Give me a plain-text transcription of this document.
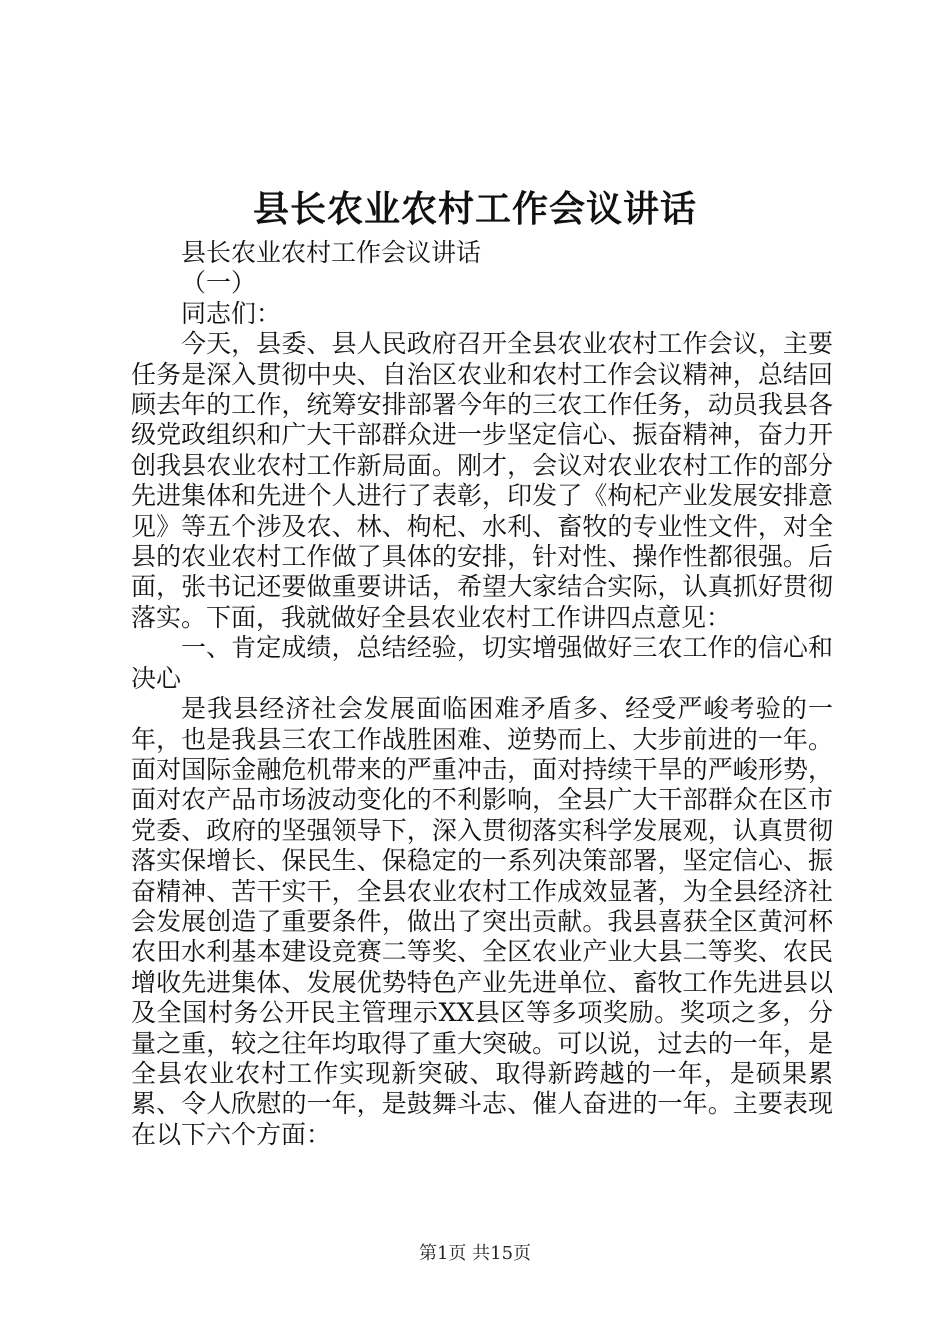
县长农业农村工作会议讲话

县长农业农村工作会议讲话

（一）

同志们：

今天，县委、县人民政府召开全县农业农村工作会议，主要任务是深入贯彻中央、自治区农业和农村工作会议精神，总结回顾去年的工作，统筹安排部署今年的三农工作任务，动员我县各级党政组织和广大干部群众进一步坚定信心、振奋精神，奋力开创我县农业农村工作新局面。刚才，会议对农业农村工作的部分先进集体和先进个人进行了表彰，印发了《枸杞产业发展安排意见》等五个涉及农、林、枸杞、水利、畜牧的专业性文件，对全县的农业农村工作做了具体的安排，针对性、操作性都很强。后面，张书记还要做重要讲话，希望大家结合实际，认真抓好贯彻落实。下面，我就做好全县农业农村工作讲四点意见：

一、肯定成绩，总结经验，切实增强做好三农工作的信心和决心

是我县经济社会发展面临困难矛盾多、经受严峻考验的一年，也是我县三农工作战胜困难、逆势而上、大步前进的一年。面对国际金融危机带来的严重冲击，面对持续干旱的严峻形势，面对农产品市场波动变化的不利影响，全县广大干部群众在区市党委、政府的坚强领导下，深入贯彻落实科学发展观，认真贯彻落实保增长、保民生、保稳定的一系列决策部署，坚定信心、振奋精神、苦干实干，全县农业农村工作成效显著，为全县经济社会发展创造了重要条件，做出了突出贡献。我县喜获全区黄河杯农田水利基本建设竞赛二等奖、全区农业产业大县二等奖、农民增收先进集体、发展优势特色产业先进单位、畜牧工作先进县以及全国村务公开民主管理示XX县区等多项奖励。奖项之多，分量之重，较之往年均取得了重大突破。可以说，过去的一年，是全县农业农村工作实现新突破、取得新跨越的一年，是硕果累累、令人欣慰的一年，是鼓舞斗志、催人奋进的一年。主要表现在以下六个方面：

第1页 共15页
